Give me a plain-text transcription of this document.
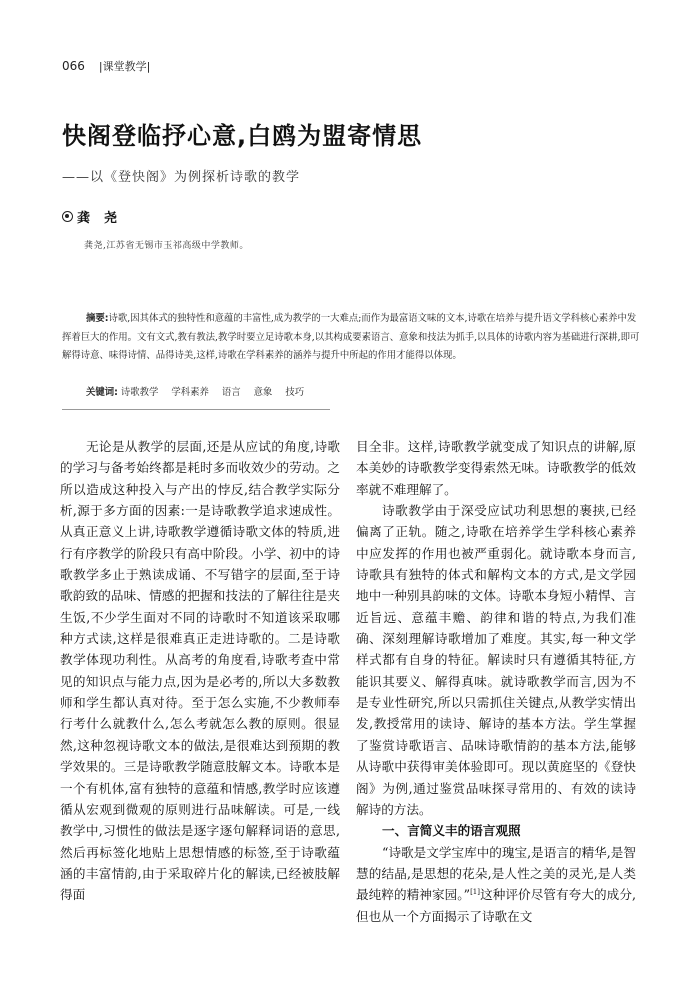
066 |课堂教学|
快阁登临抒心意,白鸥为盟寄情思
——以《登快阁》为例探析诗歌的教学
龚尧
龚尧,江苏省无锡市玉祁高级中学教师。
摘要:诗歌,因其体式的独特性和意蕴的丰富性,成为教学的一大难点;而作为最富语文味的文本,诗歌在培养与提升语文学科核心素养中发挥着巨大的作用。文有文式,教有教法,教学时要立足诗歌本身,以其构成要素语言、意象和技法为抓手,以具体的诗歌内容为基础进行深耕,即可解得诗意、味得诗情、品得诗美,这样,诗歌在学科素养的涵养与提升中所起的作用才能得以体现。
关键词: 诗歌教学 学科素养 语言 意象 技巧

无论是从教学的层面,还是从应试的角度,诗歌的学习与备考始终都是耗时多而收效少的劳动。之所以造成这种投入与产出的悖反,结合教学实际分析,源于多方面的因素:一是诗歌教学追求速成性。从真正意义上讲,诗歌教学遵循诗歌文体的特质,进行有序教学的阶段只有高中阶段。小学、初中的诗歌教学多止于熟读成诵、不写错字的层面,至于诗歌韵致的品味、情感的把握和技法的了解往往是夹生饭,不少学生面对不同的诗歌时不知道该采取哪种方式读,这样是很难真正走进诗歌的。二是诗歌教学体现功利性。从高考的角度看,诗歌考查中常见的知识点与能力点,因为是必考的,所以大多数教师和学生都认真对待。至于怎么实施,不少教师奉行考什么就教什么,怎么考就怎么教的原则。很显然,这种忽视诗歌文本的做法,是很难达到预期的教学效果的。三是诗歌教学随意肢解文本。诗歌本是一个有机体,富有独特的意蕴和情感,教学时应该遵循从宏观到微观的原则进行品味解读。可是,一线教学中,习惯性的做法是逐字逐句解释词语的意思,然后再标签化地贴上思想情感的标签,至于诗歌蕴涵的丰富情韵,由于采取碎片化的解读,已经被肢解得面

目全非。这样,诗歌教学就变成了知识点的讲解,原本美妙的诗歌教学变得索然无味。诗歌教学的低效率就不难理解了。

诗歌教学由于深受应试功利思想的裹挟,已经偏离了正轨。随之,诗歌在培养学生学科核心素养中应发挥的作用也被严重弱化。就诗歌本身而言,诗歌具有独特的体式和解构文本的方式,是文学园地中一种别具韵味的文体。诗歌本身短小精悍、言近旨远、意蕴丰赡、韵律和谐的特点,为我们准确、深刻理解诗歌增加了难度。其实,每一种文学样式都有自身的特征。解读时只有遵循其特征,方能识其要义、解得真味。就诗歌教学而言,因为不是专业性研究,所以只需抓住关键点,从教学实情出发,教授常用的读诗、解诗的基本方法。学生掌握了鉴赏诗歌语言、品味诗歌情韵的基本方法,能够从诗歌中获得审美体验即可。现以黄庭坚的《登快阁》为例,通过鉴赏品味探寻常用的、有效的读诗解诗的方法。

一、言简义丰的语言观照

“诗歌是文学宝库中的瑰宝,是语言的精华,是智慧的结晶,是思想的花朵,是人性之美的灵光,是人类最纯粹的精神家园。”[1]这种评价尽管有夸大的成分,但也从一个方面揭示了诗歌在文
